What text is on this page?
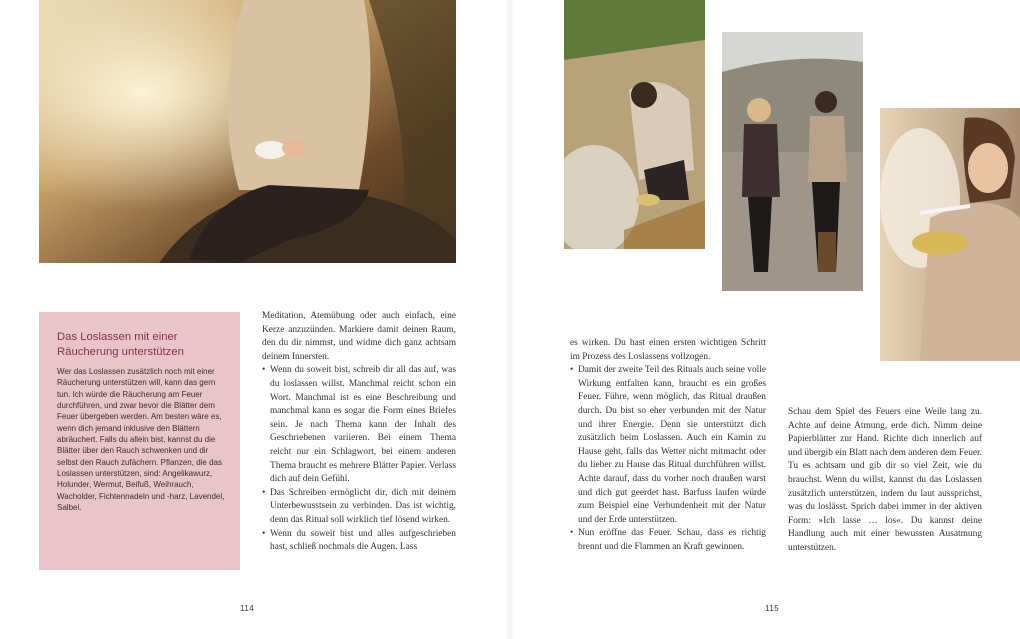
Das Loslassen mit einer Räucherung unterstützen

Wer das Loslassen zusätzlich noch mit einer Räucherung unterstützen will, kann das gern tun. Ich würde die Räucherung am Feuer durchführen, und zwar bevor die Blätter dem Feuer übergeben werden. Am besten wäre es, wenn dich jemand inklusive den Blättern abräuchert. Falls du allein bist, kannst du die Blätter über den Rauch schwenken und dir selbst den Rauch zufächern. Pflanzen, die das Loslassen unterstützen, sind: Angelikawurz, Holunder, Wermut, Beifuß, Weihrauch, Wacholder, Fichtennadeln und -harz, Lavendel, Salbei.

Meditation, Atemübung oder auch einfach, eine Kerze anzuzünden. Markiere damit deinen Raum, den du dir nimmst, und widme dich ganz achtsam deinem Innersten.

• Wenn du soweit bist, schreib dir all das auf, was du loslassen willst. Manchmal reicht schon ein Wort. Manchmal ist es eine Beschreibung und manchmal kann es sogar die Form eines Briefes sein. Je nach Thema kann der Inhalt des Geschriebenen variieren. Bei einem Thema reicht nur ein Schlagwort, bei einem anderen Thema braucht es mehrere Blätter Papier. Verlass dich auf dein Gefühl.
• Das Schreiben ermöglicht dir, dich mit deinem Unterbewusstsein zu verbinden. Das ist wichtig, denn das Ritual soll wirklich tief lösend wirken.
• Wenn du soweit bist und alles aufgeschrieben hast, schließ nochmals die Augen. Lass
114

es wirken. Du hast einen ersten wichtigen Schritt im Prozess des Loslassens vollzogen.

• Damit der zweite Teil des Rituals auch seine volle Wirkung entfalten kann, braucht es ein großes Feuer. Führe, wenn möglich, das Ritual draußen durch. Du bist so eher verbunden mit der Natur und ihrer Energie. Denn sie unterstützt dich zusätzlich beim Loslassen. Auch ein Kamin zu Hause geht, falls das Wetter nicht mitmacht oder du lieber zu Hause das Ritual durchführen willst. Achte darauf, dass du vorher noch draußen warst und dich gut geerdet hast. Barfuss laufen würde zum Beispiel eine Verbundenheit mit der Natur und der Erde unterstützen.
• Nun eröffne das Feuer. Schau, dass es richtig brennt und die Flammen an Kraft gewinnen.

Schau dem Spiel des Feuers eine Weile lang zu. Achte auf deine Atmung, erde dich. Nimm deine Papierblätter zur Hand. Richte dich innerlich auf und übergib ein Blatt nach dem anderen dem Feuer. Tu es achtsam und gib dir so viel Zeit, wie du brauchst. Wenn du willst, kannst du das Loslassen zusätzlich unterstützen, indem du laut aussprichst, was du loslässt. Sprich dabei immer in der aktiven Form: »Ich lasse … los«. Du kannst deine Handlung auch mit einer bewussten Ausatmung unterstützen.

115
